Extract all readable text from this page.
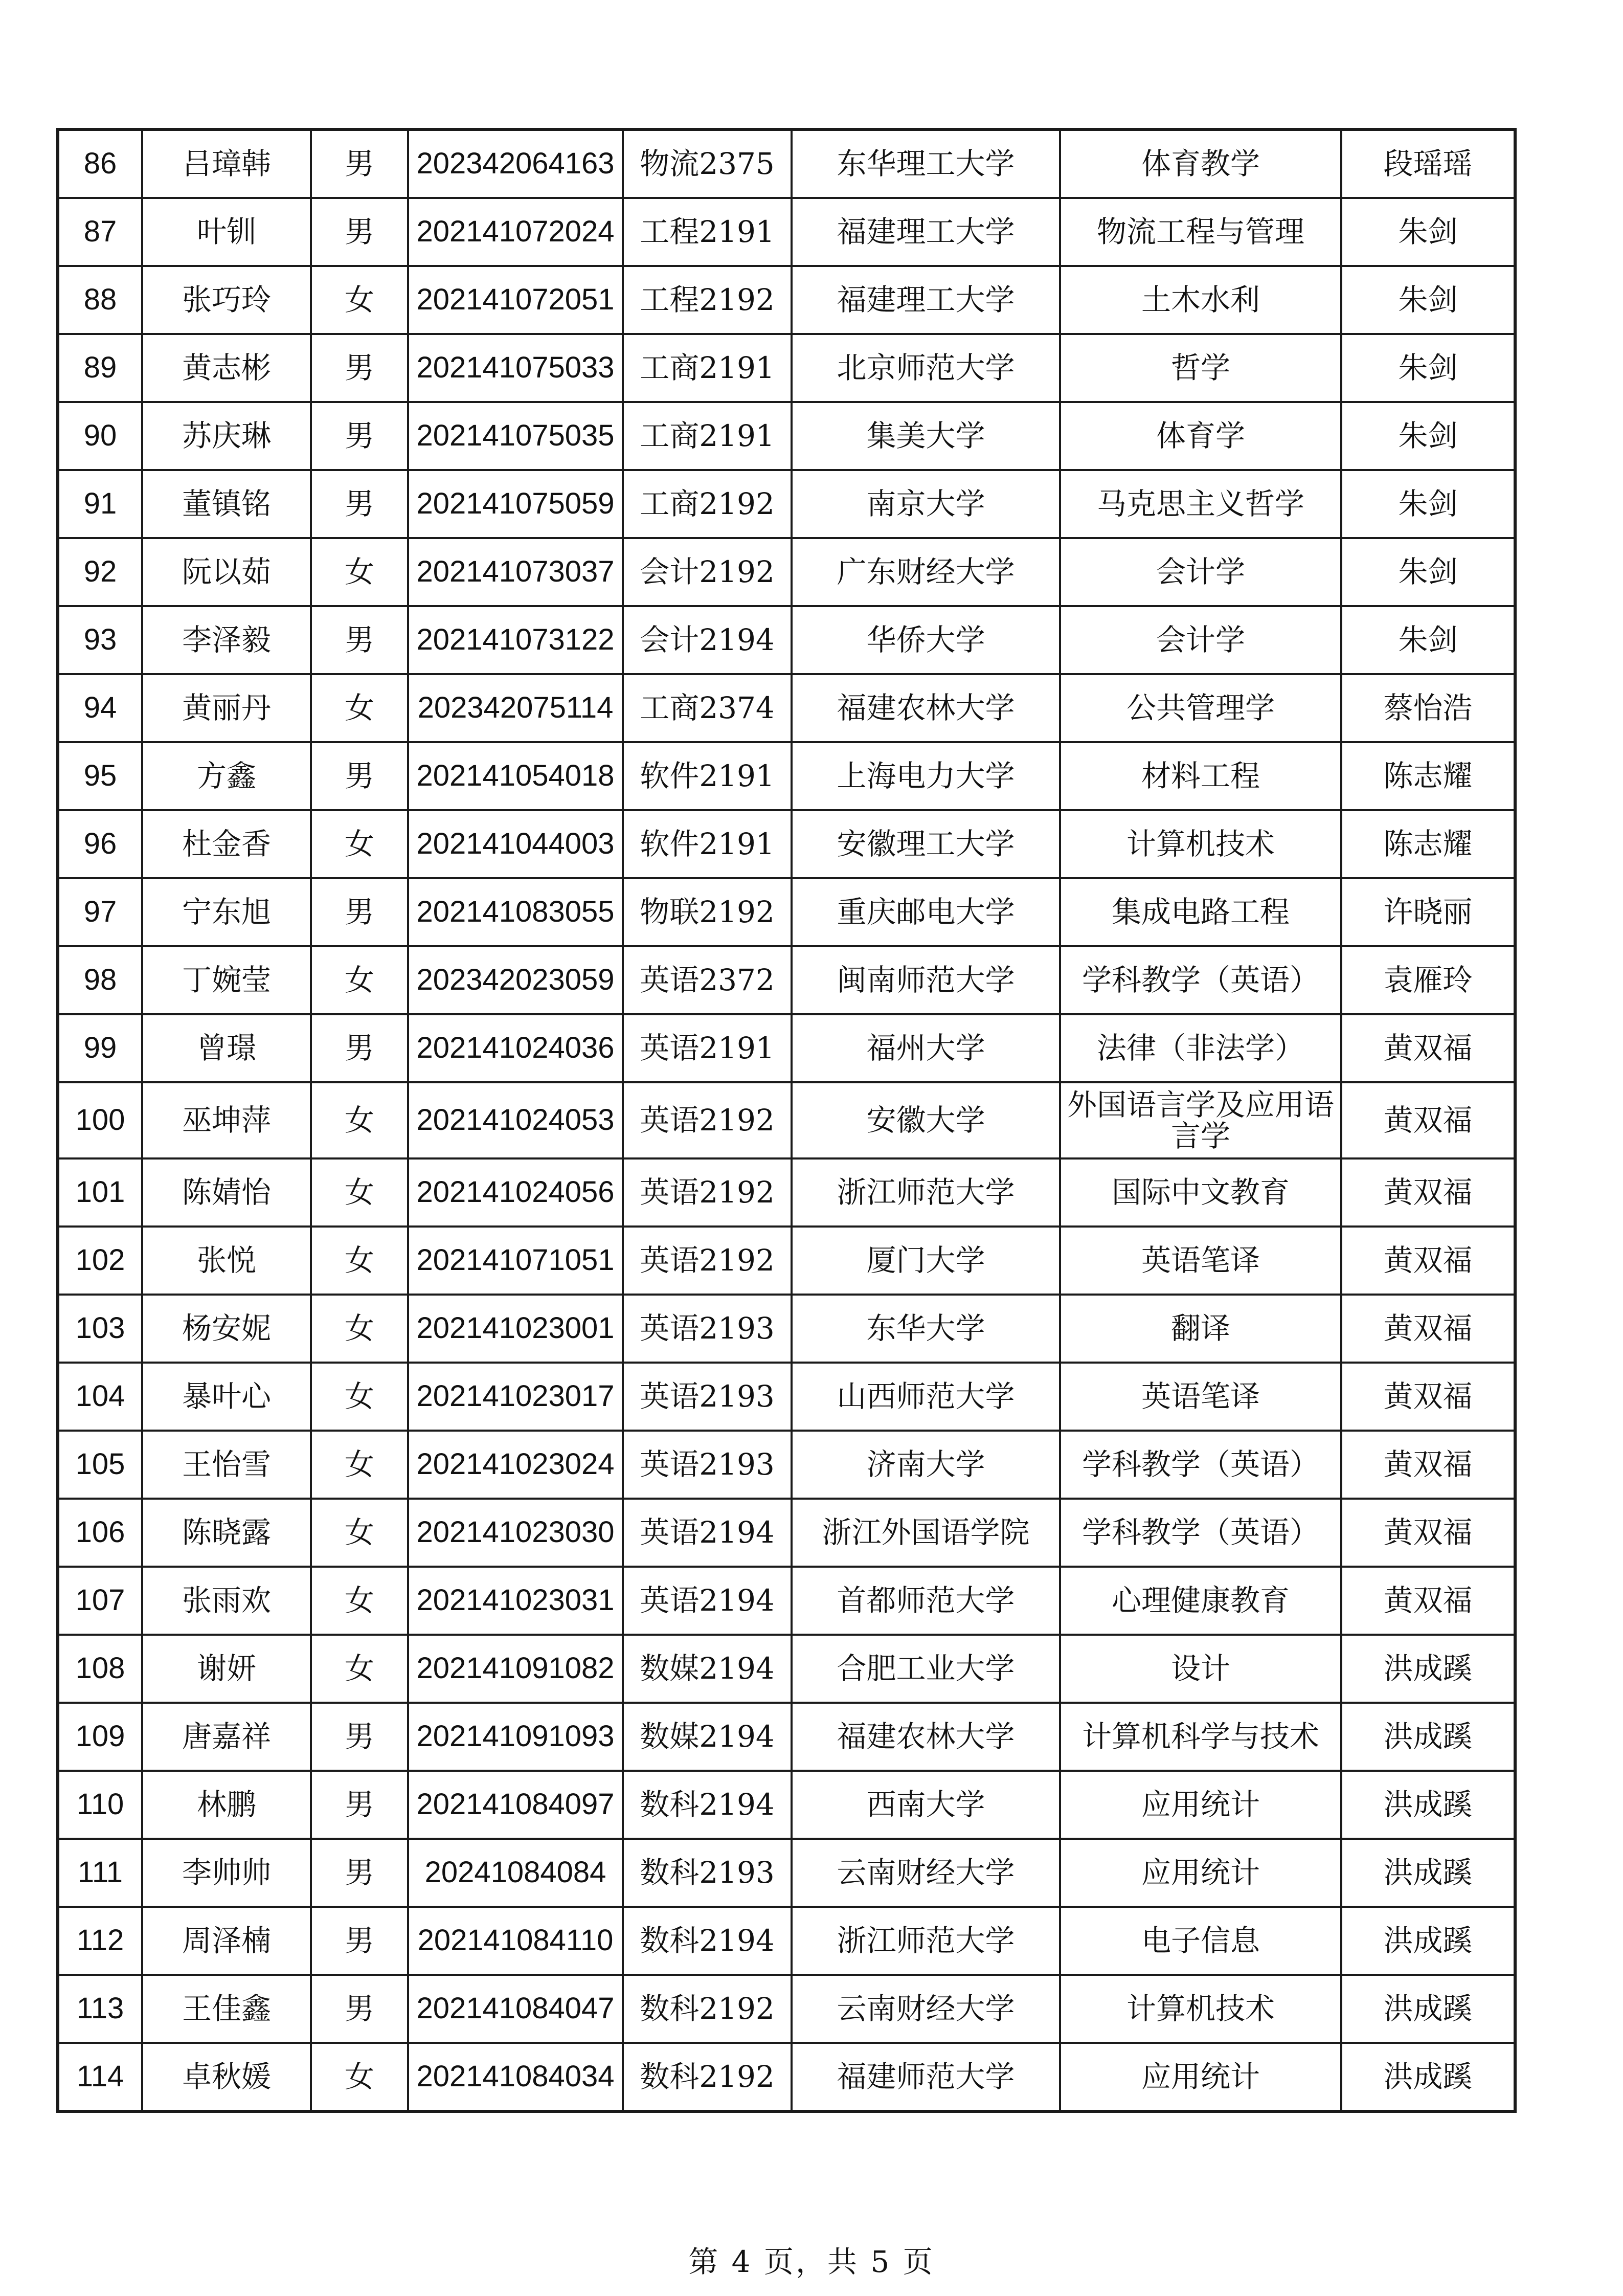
86	吕璋韩	男	202342064163	物流2375	东华理工大学	体育教学	段瑶瑶
87	叶钏	男	202141072024	工程2191	福建理工大学	物流工程与管理	朱剑
88	张巧玲	女	202141072051	工程2192	福建理工大学	土木水利	朱剑
89	黄志彬	男	202141075033	工商2191	北京师范大学	哲学	朱剑
90	苏庆琳	男	202141075035	工商2191	集美大学	体育学	朱剑
91	董镇铭	男	202141075059	工商2192	南京大学	马克思主义哲学	朱剑
92	阮以茹	女	202141073037	会计2192	广东财经大学	会计学	朱剑
93	李泽毅	男	202141073122	会计2194	华侨大学	会计学	朱剑
94	黄丽丹	女	202342075114	工商2374	福建农林大学	公共管理学	蔡怡浩
95	方鑫	男	202141054018	软件2191	上海电力大学	材料工程	陈志耀
96	杜金香	女	202141044003	软件2191	安徽理工大学	计算机技术	陈志耀
97	宁东旭	男	202141083055	物联2192	重庆邮电大学	集成电路工程	许晓丽
98	丁婉莹	女	202342023059	英语2372	闽南师范大学	学科教学（英语）	袁雁玲
99	曾璟	男	202141024036	英语2191	福州大学	法律（非法学）	黄双福
100	巫坤萍	女	202141024053	英语2192	安徽大学	外国语言学及应用语言学	黄双福
101	陈婧怡	女	202141024056	英语2192	浙江师范大学	国际中文教育	黄双福
102	张悦	女	202141071051	英语2192	厦门大学	英语笔译	黄双福
103	杨安妮	女	202141023001	英语2193	东华大学	翻译	黄双福
104	暴叶心	女	202141023017	英语2193	山西师范大学	英语笔译	黄双福
105	王怡雪	女	202141023024	英语2193	济南大学	学科教学（英语）	黄双福
106	陈晓露	女	202141023030	英语2194	浙江外国语学院	学科教学（英语）	黄双福
107	张雨欢	女	202141023031	英语2194	首都师范大学	心理健康教育	黄双福
108	谢妍	女	202141091082	数媒2194	合肥工业大学	设计	洪成蹊
109	唐嘉祥	男	202141091093	数媒2194	福建农林大学	计算机科学与技术	洪成蹊
110	林鹏	男	202141084097	数科2194	西南大学	应用统计	洪成蹊
111	李帅帅	男	20241084084	数科2193	云南财经大学	应用统计	洪成蹊
112	周泽楠	男	202141084110	数科2194	浙江师范大学	电子信息	洪成蹊
113	王佳鑫	男	202141084047	数科2192	云南财经大学	计算机技术	洪成蹊
114	卓秋媛	女	202141084034	数科2192	福建师范大学	应用统计	洪成蹊
第 4 页，共 5 页
